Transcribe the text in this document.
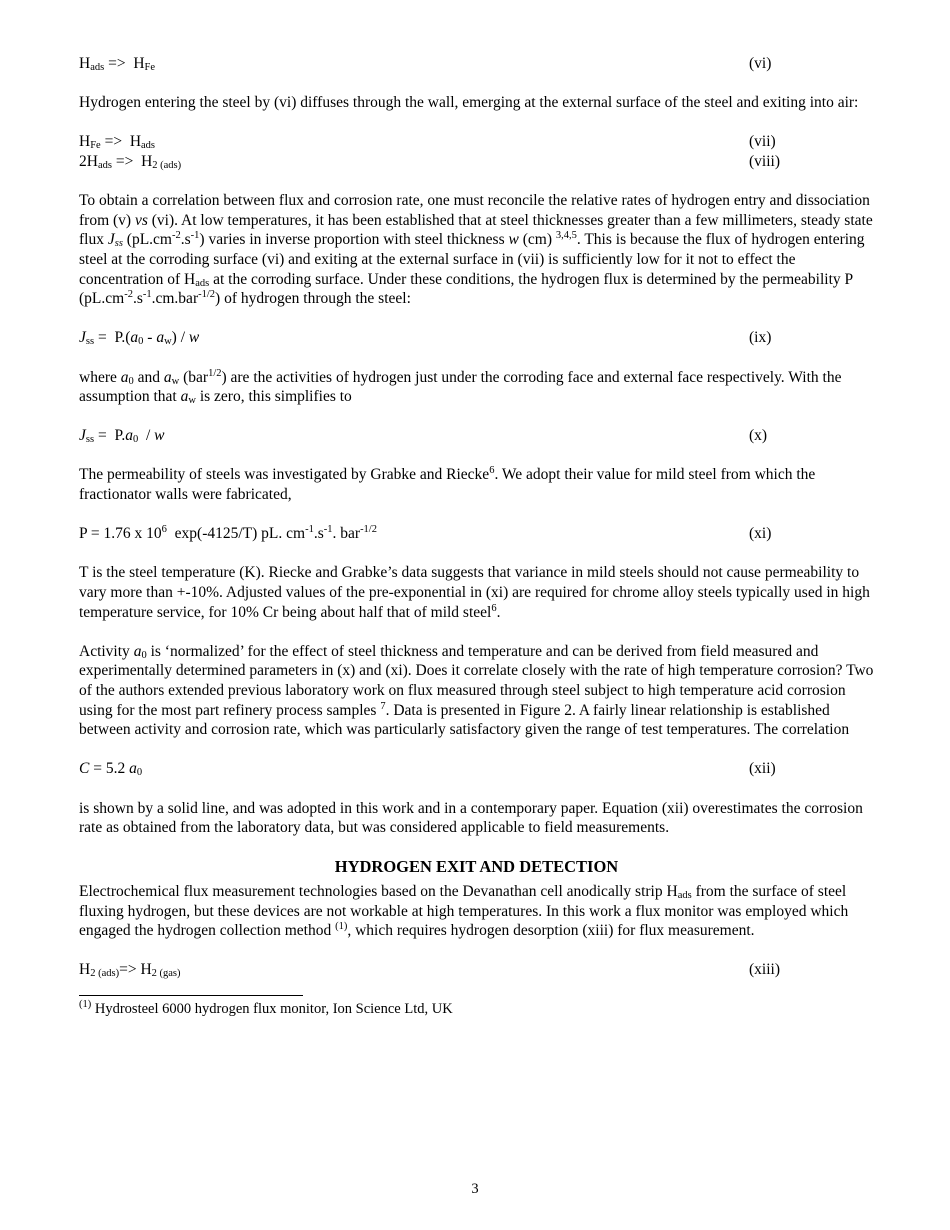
$H_{ads} => H_{Fe}$	(vi)

Hydrogen entering the steel by (vi) diffuses through the wall, emerging at the external surface of the steel and exiting into air:

$H_{Fe} => H_{ads}$	(vii)
$2H_{ads} => H_{2 (ads)}$	(viii)

To obtain a correlation between flux and corrosion rate, one must reconcile the relative rates of hydrogen entry and dissociation from (v) vs (vi). At low temperatures, it has been established that at steel thicknesses greater than a few millimeters, steady state flux $J_{ss}$ $(pL.cm^{-2}.s^{-1})$ varies in inverse proportion with steel thickness w (cm) $^{3,4,5}$. This is because the flux of hydrogen entering steel at the corroding surface (vi) and exiting at the external surface in (vii) is sufficiently low for it not to effect the concentration of $H_{ads}$ at the corroding surface. Under these conditions, the hydrogen flux is determined by the permeability P $(pL.cm^{-2}.s^{-1}.cm.bar^{-1/2})$ of hydrogen through the steel:

$J_{ss} = P.(a_0 - a_w) / w$	(ix)

where $a_0$ and $a_w$ (bar$^{1/2}$) are the activities of hydrogen just under the corroding face and external face respectively. With the assumption that $a_w$ is zero, this simplifies to

$J_{ss} = P.a_0 / w$	(x)

The permeability of steels was investigated by Grabke and Riecke$^6$. We adopt their value for mild steel from which the fractionator walls were fabricated,

P = 1.76 x $10^6$  exp(-4125/T) pL. $cm^{-1}.s^{-1}$. bar$^{-1/2}$	(xi)

T is the steel temperature (K). Riecke and Grabke’s data suggests that variance in mild steels should not cause permeability to vary more than +-10%. Adjusted values of the pre-exponential in (xi) are required for chrome alloy steels typically used in high temperature service, for 10% Cr being about half that of mild steel$^6$.

Activity $a_0$ is ‘normalized’ for the effect of steel thickness and temperature and can be derived from field measured and experimentally determined parameters in (x) and (xi). Does it correlate closely with the rate of high temperature corrosion? Two of the authors extended previous laboratory work on flux measured through steel subject to high temperature acid corrosion using for the most part refinery process samples $^7$. Data is presented in Figure 2. A fairly linear relationship is established between activity and corrosion rate, which was particularly satisfactory given the range of test temperatures. The correlation

C = 5.2 $a_0$	(xii)

is shown by a solid line, and was adopted in this work and in a contemporary paper. Equation (xii) overestimates the corrosion rate as obtained from the laboratory data, but was considered applicable to field measurements.

HYDROGEN EXIT AND DETECTION

Electrochemical flux measurement technologies based on the Devanathan cell anodically strip $H_{ads}$ from the surface of steel fluxing hydrogen, but these devices are not workable at high temperatures. In this work a flux monitor was employed which engaged the hydrogen collection method $^{(1)}$, which requires hydrogen desorption (xiii) for flux measurement.

$H_{2 (ads)}=> H_{2 (gas)}$	(xiii)
$^{(1)}$ Hydrosteel 6000 hydrogen flux monitor, Ion Science Ltd, UK
3
